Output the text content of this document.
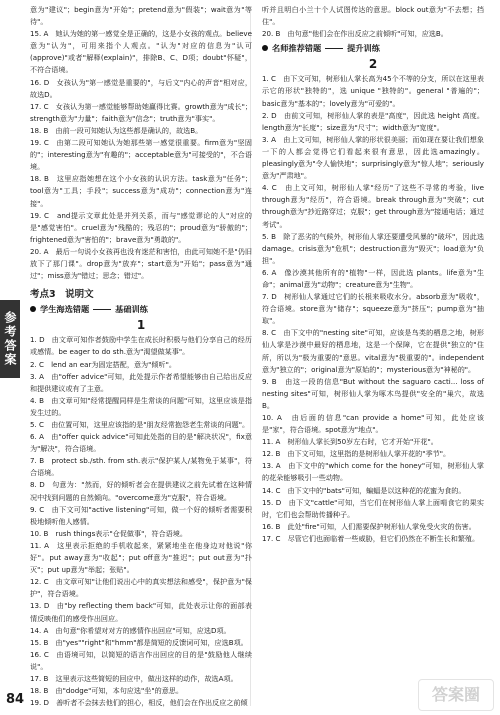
参考答案

意为"建议"；begin意为"开始"；pretend意为"假装"；wait意为"等待"。

15. A　她认为她的第一感觉全是正确的，这是小女孩的观点。believe意为"认为"，可用来指个人观点。"认为"对应的信息为"认可(approve)"或者"解释(explain)"，排除B、C、D项；doubt"怀疑"，不符合语境。

16. D　女孩认为"第一感觉是重要的"，与后文"内心的声音"相对应，故选D。

17. C　女孩认为第一感觉能够帮助她赢得比赛。growth意为"成长"；strength意为"力量"；faith意为"信念"；truth意为"事实"。

18. B　由前一段可知她认为这些都是确认的，故选B。

19. C　由第二段可知她认为她那些第一感觉很重要。firm意为"坚固的"；interesting意为"有趣的"；acceptable意为"可接受的"，不合语境。

18. B　这里应指她想在这个小女孩的认识方法。task意为"任务"；tool意为"工具；手段"；success意为"成功"；connection意为"连接"。

19. C　and提示文章此处是并列关系，而与"感觉谬论的人"对应的是"感觉害怕"。cruel意为"残酷的；残忍的"；proud意为"骄傲的"；frightened意为"害怕的"；brave意为"勇敢的"。

20. A　最后一句说小女孩再也没有迷茫和害怕，由此可知她不是"仍旧放下了那门课"。drop意为"放弃"；start意为"开始"；pass意为"通过"；miss意为"错过；思念；错过"。

考点3　说明文
学生海选错题	基础训练
1

1. D　由文章可知作者鼓励中学生在成长时积极与他们分享自己的经历或感情。be eager to do sth.意为"渴望做某事"。

2. C　lend an ear为固定搭配，意为"倾听"。

3. A　由"offer advice"可知，此处提示作者希望能够由自己给出反应和提供建议或有了主意。

4. B　由文章可知"经常提醒同样是生常谈的问题"可知，这里应该是指发生过的。

5. C　由位置可知，这里应该指的是"朋友经常抱怨老生常谈的问题"。

6. A　由"offer quick advice"可知此处指的目的是"解决状况"，fix意为"解决"，符合语境。

7. B　protect sb./sth. from sth.表示"保护某人/某物免于某事"，符合语境。

8. D　句意为："然而，好的倾听者会在提供建议之前先试着在这种情况中找到问题的自然倾向。"overcome意为"克服"，符合语境。

9. C　由下文可知"active listening"可知，做一个好的倾听者需要积极地倾听他人感情。

10. B　rush things表示"仓促做事"，符合语境。

11. A　这里表示拒绝的手机收起来，紧紧地坐在他身边对他说"你好"。put away意为"收起"；put off意为"推迟"；put out意为"扑灭"；put up意为"举起；张贴"。

12. C　由文章可知"让他们说出心中的真实想法和感受"，保护意为"保护"，符合语境。

13. D　由"by reflecting them back"可知，此处表示让你的面部表情反映他们的感受作出回应。

14. A　由句意"你希望对对方的感情作出回应"可知，应选D项。

15. B　由"yes""right"和"hmm"都是简短的反馈词可知，应选B项。

16. C　由语境可知，以简短的语言作出回应的目的是"鼓励他人继续说"。

17. B　这里表示这些简短的回应中，做出这样的动作，故选A项。

18. B　由"dodge"可知，本句应选"坐"的意思。

19. D　善听者不会抹去他们的担心，相反，他们会在作出反应之前倾

听并且明白小兰十个人试图传达的意思。block out意为"不去想；挡住"。

20. B　由句意"他们会在作出反应之前倾听"可知，应选B。

名师推荐错题	提升训练
2

1. C　由下文可知，树形仙人掌长高为45个不等的分支，所以在这里表示它的形状"独特的"，选 unique "独特的"。general "普遍的"；basic意为"基本的"；lovely意为"可爱的"。

2. D　由前文可知，树形仙人掌的表是"高度"，因此选 height 高度。length意为"长度"；size意为"尺寸"；width意为"宽度"。

3. A　由上文可知，树形仙人掌的形状很美丽；而如现在要让我们想象一下的人都会觉得它们看起来很有意思，因此选amazingly。pleasingly意为"令人愉快地"；surprisingly意为"惊人地"；seriously意为"严肃地"。

4. C　由上文可知，树形仙人掌"经历"了这些不寻常的考验，live through意为"经历"，符合语境。break through意为"突破"；cut through意为"抄近路穿过；克服"；get through意为"接通电话；通过考试"。

5. B　除了恶劣的气候外，树形仙人掌还要遭受风暴的"破坏"，因此选 damage。crisis意为"危机"；destruction意为"毁灭"；load意为"负担"。

6. A　像沙漠其他所有的"植物"一样，因此选 plants。life意为"生命"；animal意为"动物"；creature意为"生物"。

7. D　树形仙人掌通过它们的长根来吸收水分。absorb意为"吸收"，符合语境。store意为"储存"；squeeze意为"挤压"；pump意为"抽取"。

8. C　由下文中的"nesting site"可知，应该是鸟类的栖息之地，树形仙人掌是沙漠中最好的栖息地，这是一个保障，它在提供"独立的"住所，所以为"极为重要的"意思。vital意为"极重要的"。independent意为"独立的"；original意为"原始的"；mysterious意为"神秘的"。

9. B　由这一段的信息"But without the saguaro cacti... loss of nesting sites"可知，树形仙人掌为啄木鸟提供"安全的"巢穴，故选B。

10. A　由后面的信息"can provide a home"可知，此处应该是"家"，符合语境。spot意为"地点"。

11. A　树形仙人掌长到50岁左右时，它才开始"开花"。

12. B　由下文可知，这里指的是树形仙人掌开花的"季节"。

13. A　由下文中的"which come for the honey"可知，树形仙人掌的花朵能够吸引一些动物。

14. C　由下文中的"bats"可知，蝙蝠是以这种花的花蜜为食的。

15. D　由下文"cattle"可知，当它们在树形仙人掌上面啃食它的果实时，它们也会帮助传播种子。

16. B　此处"fire"可知，人们需要保护树形仙人掌免受火灾的伤害。

17. C　尽管它们也面临着一些威胁，但它们仍然在不断生长和繁殖。

84	答案圈
